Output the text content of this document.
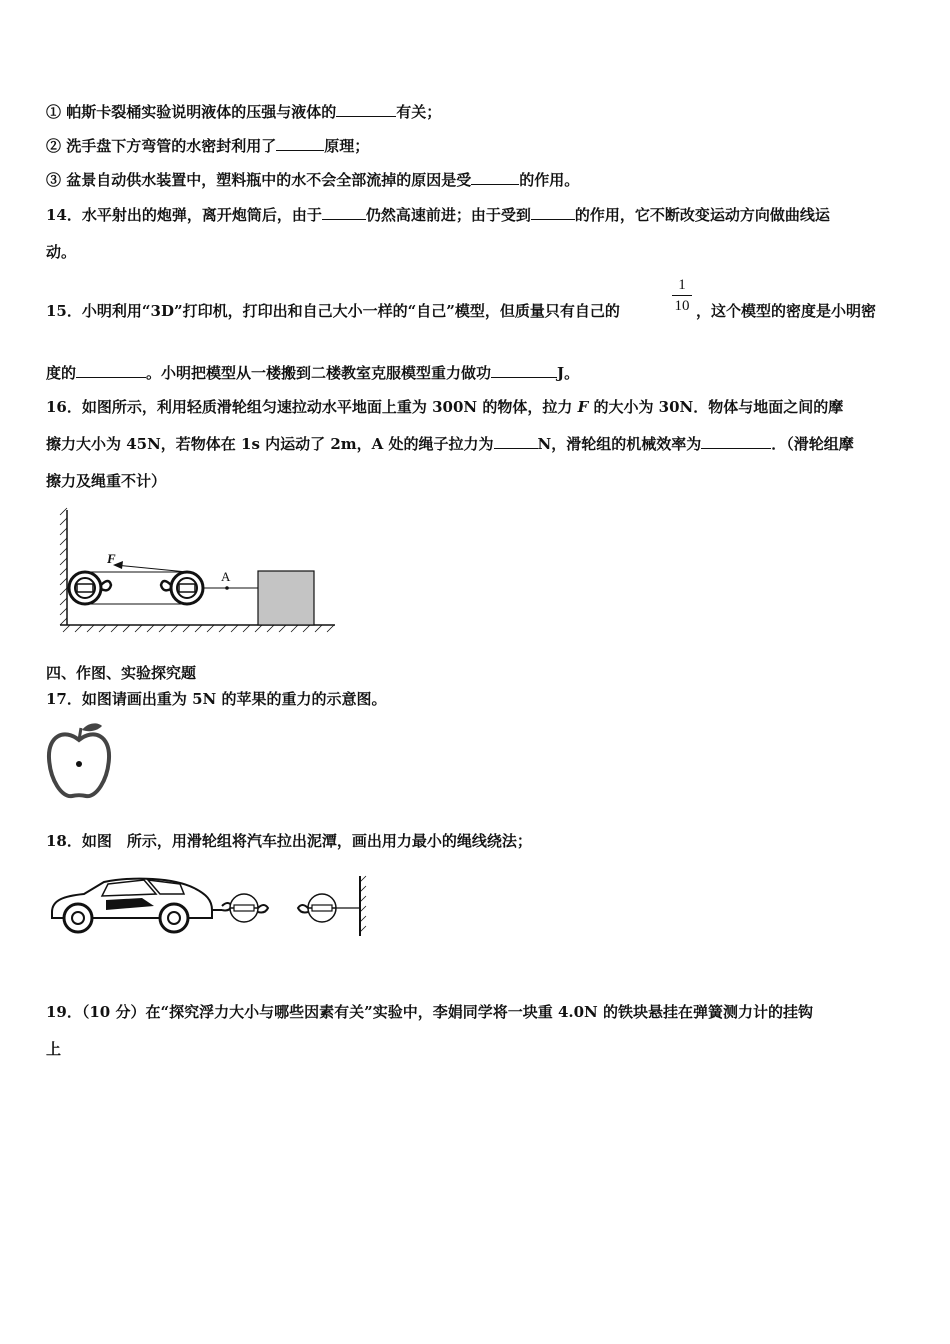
① 帕斯卡裂桶实验说明液体的压强与液体的	有关；
② 洗手盘下方弯管的水密封利用了	原理；
③ 盆景自动供水装置中，塑料瓶中的水不会全部流掉的原因是受	的作用。
14．水平射出的炮弹，离开炮筒后，由于	仍然高速前进；由于受到	的作用，它不断改变运动方向做曲线运
动。
15．小明利用“3D”打印机，打印出和自己大小一样的“自己”模型，但质量只有自己的
1
10 ，这个模型的密度是小明密
度的	。小明把模型从一楼搬到二楼教室克服模型重力做功	J。
16．如图所示，利用轻质滑轮组匀速拉动水平地面上重为 300N 的物体，拉力 F 的大小为 30N．物体与地面之间的摩
擦力大小为 45N，若物体在 1s 内运动了 2m，A 处的绳子拉力为	N，滑轮组的机械效率为	．（滑轮组摩
擦力及绳重不计）
F
A
四、作图、实验探究题
17．如图请画出重为 5N 的苹果的重力的示意图。
18．如图　所示，用滑轮组将汽车拉出泥潭，画出用力最小的绳线绕法；
19．（10 分）在“探究浮力大小与哪些因素有关”实验中，李娟同学将一块重 4.0N 的铁块悬挂在弹簧测力计的挂钩
上
